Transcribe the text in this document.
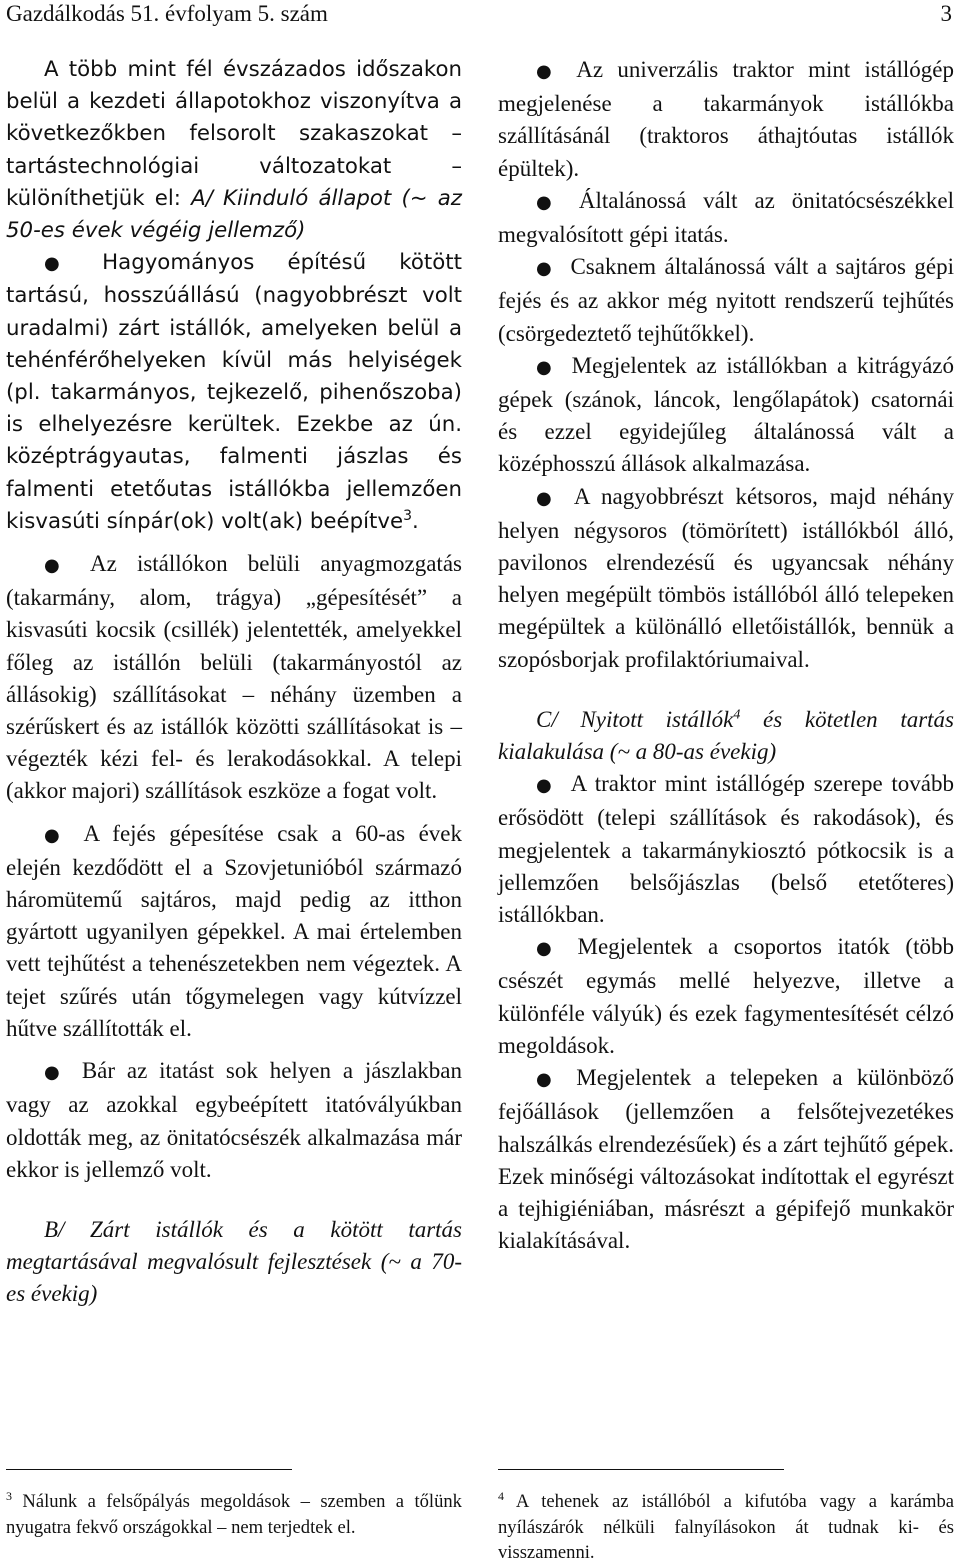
Gazdálkodás 51. évfolyam 5. szám	3

A több mint fél évszázados időszakon belül a kezdeti állapotokhoz viszonyítva a következőkben felsorolt szakaszokat – tartástechnológiai változatokat – különíthetjük el: A/ Kiinduló állapot (~ az 50-es évek végéig jellemző)

● Hagyományos építésű kötött tartású, hosszúállású (nagyobbrészt volt uradalmi) zárt istállók, amelyeken belül a tehénférőhelyeken kívül más helyiségek (pl. takarmányos, tejkezelő, pihenőszoba) is elhelyezésre kerültek. Ezekbe az ún. középtrágyautas, falmenti jászlas és falmenti etetőutas istállókba jellemzően kisvasúti sínpár(ok) volt(ak) beépítve$^3$.

● Az istállókon belüli anyagmozgatás (takarmány, alom, trágya) „gépesítését” a kisvasúti kocsik (csillék) jelentették, amelyekkel főleg az istállón belüli (takarmányostól az állásokig) szállításokat – néhány üzemben a szérűskert és az istállók közötti szállításokat is – végezték kézi fel- és lerakodásokkal. A telepi (akkor majori) szállítások eszköze a fogat volt.

● A fejés gépesítése csak a 60-as évek elején kezdődött el a Szovjetunióból származó háromütemű sajtáros, majd pedig az itthon gyártott ugyanilyen gépekkel. A mai értelemben vett tejhűtést a tehenészetekben nem végeztek. A tejet szűrés után tőgymelegen vagy kútvízzel hűtve szállították el.

● Bár az itatást sok helyen a jászlakban vagy az azokkal egybeépített itatóvályúkban oldották meg, az önitatócsészék alkalmazása már ekkor is jellemző volt.

B/ Zárt istállók és a kötött tartás megtartásával megvalósult fejlesztések (~ a 70-es évekig)

● Az univerzális traktor mint istállógép megjelenése a takarmányok istállókba szállításánál (traktoros áthajtóutas istállók épültek).

● Általánossá vált az önitatócsészékkel megvalósított gépi itatás.

● Csaknem általánossá vált a sajtáros gépi fejés és az akkor még nyitott rendszerű tejhűtés (csörgedeztető tejhűtőkkel).

● Megjelentek az istállókban a kitrágyázó gépek (szánok, láncok, lengőlapátok) csatornái és ezzel egyidejűleg általánossá vált a középhosszú állások alkalmazása.

● A nagyobbrészt kétsoros, majd néhány helyen négysoros (tömörített) istállókból álló, pavilonos elrendezésű és ugyancsak néhány helyen megépült tömbös istállóból álló telepeken megépültek a különálló elletőistállók, bennük a szopósborjak profilaktóriumaival.

C/ Nyitott istállók$^4$ és kötetlen tartás kialakulása (~ a 80-as évekig)

● A traktor mint istállógép szerepe tovább erősödött (telepi szállítások és rakodások), és megjelentek a takarmánykiosztó pótkocsik is a jellemzően belsőjászlas (belső etetőteres) istállókban.

● Megjelentek a csoportos itatók (több csészét egymás mellé helyezve, illetve a különféle vályúk) és ezek fagymentesítését célzó megoldások.

● Megjelentek a telepeken a különböző fejőállások (jellemzően a felsőtejvezetékes halszálkás elrendezésűek) és a zárt tejhűtő gépek. Ezek minőségi változásokat indítottak el egyrészt a tejhigiéniában, másrészt a gépifejő munkakör kialakításával.

$^3$ Nálunk a felsőpályás megoldások – szemben a tőlünk nyugatra fekvő országokkal – nem terjedtek el.
$^4$ A tehenek az istállóból a kifutóba vagy a karámba nyílászárók nélküli falnyílásokon át tudnak ki- és visszamenni.
